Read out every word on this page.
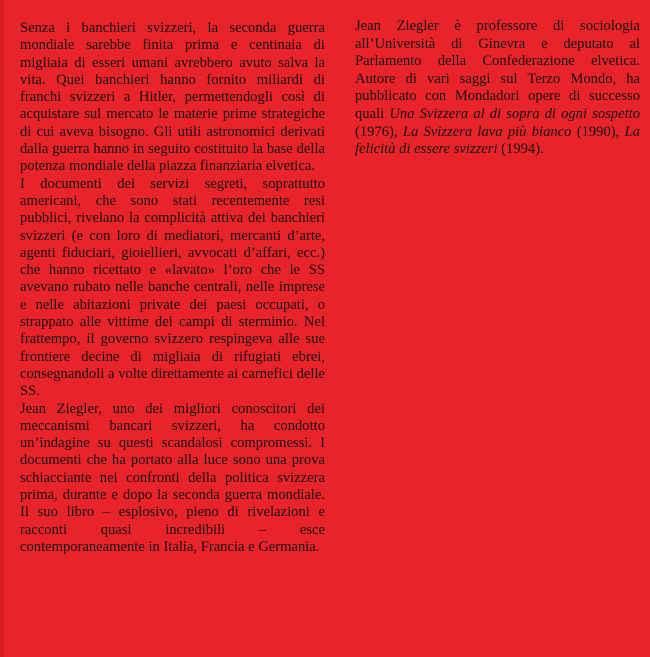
Senza i banchieri svizzeri, la seconda guerra mondiale sarebbe finita prima e centinaia di migliaia di esseri umani avrebbero avuto salva la vita. Quei banchieri hanno fornito miliardi di franchi svizzeri a Hitler, permettendogli così di acquistare sul mercato le materie prime strategiche di cui aveva bisogno. Gli utili astronomici derivati dalla guerra hanno in seguito costituito la base della potenza mondiale della piazza finanziaria elvetica.

I documenti dei servizi segreti, soprattutto americani, che sono stati recentemente resi pubblici, rivelano la complicità attiva dei banchieri svizzeri (e con loro di mediatori, mercanti d’arte, agenti fiduciari, gioiellieri, avvocati d’affari, ecc.) che hanno ricettato e «lavato» l’oro che le SS avevano rubato nelle banche centrali, nelle imprese e nelle abitazioni private dei paesi occupati, o strappato alle vittime dei campi di sterminio. Nel frattempo, il governo svizzero respingeva alle sue frontiere decine di migliaia di rifugiati ebrei, consegnandoli a volte direttamente ai carnefici delle SS.

Jean Ziegler, uno dei migliori conoscitori dei meccanismi bancari svizzeri, ha condotto un’indagine su questi scandalosi compromessi. I documenti che ha portato alla luce sono una prova schiacciante nei confronti della politica svizzera prima, durante e dopo la seconda guerra mondiale. Il suo libro – esplosivo, pieno di rivelazioni e racconti quasi incredibili – esce contemporaneamente in Italia, Francia e Germania.

Jean Ziegler è professore di sociologia all’Università di Ginevra e deputato al Parlamento della Confederazione elvetica. Autore di vari saggi sul Terzo Mondo, ha pubblicato con Mondadori opere di successo quali Una Svizzera al di sopra di ogni sospetto (1976), La Svizzera lava più bianco (1990), La felicità di essere svizzeri (1994).
